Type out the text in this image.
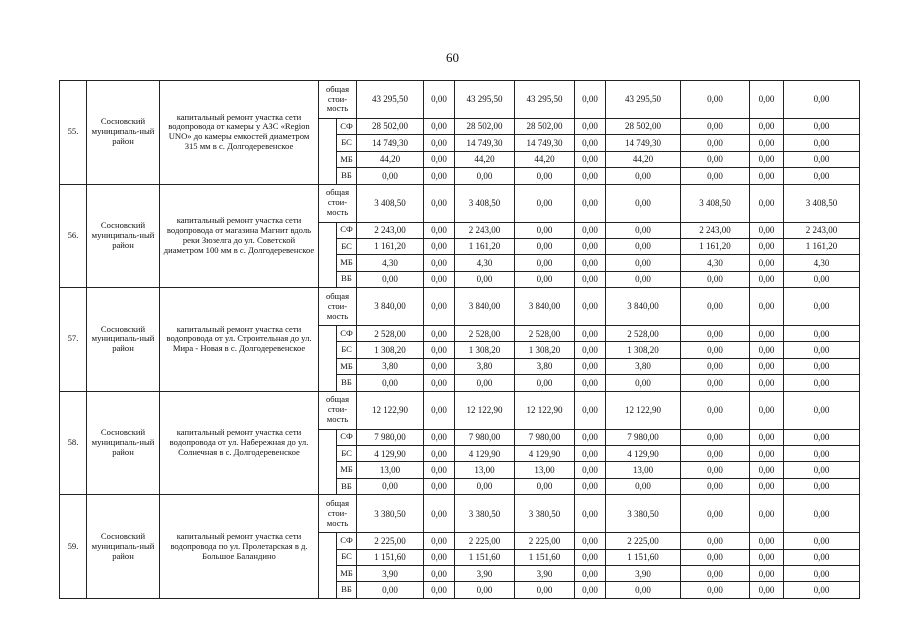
60
55.	Сосновский муниципаль-ный район	капитальный ремонт участка сети водопровода от камеры у АЗС «Region UNO» до камеры емкостей диаметром 315 мм в с. Долгодеревенское	общая стои-мость		43 295,50	0,00	43 295,50	43 295,50	0,00	43 295,50	0,00	0,00	0,00
	СФ	28 502,00	0,00	28 502,00	28 502,00	0,00	28 502,00	0,00	0,00	0,00
				БС	14 749,30	0,00	14 749,30	14 749,30	0,00	14 749,30	0,00	0,00	0,00
				МБ	44,20	0,00	44,20	44,20	0,00	44,20	0,00	0,00	0,00
				ВБ	0,00	0,00	0,00	0,00	0,00	0,00	0,00	0,00	0,00
56.	Сосновский муниципаль-ный район	капитальный ремонт участка сети водопровода от магазина Магнит вдоль реки Зюзелга до ул. Советской диаметром 100 мм в с. Долгодеревенское	общая стои-мость		3 408,50	0,00	3 408,50	0,00	0,00	0,00	3 408,50	0,00	3 408,50
	СФ	2 243,00	0,00	2 243,00	0,00	0,00	0,00	2 243,00	0,00	2 243,00
				БС	1 161,20	0,00	1 161,20	0,00	0,00	0,00	1 161,20	0,00	1 161,20
				МБ	4,30	0,00	4,30	0,00	0,00	0,00	4,30	0,00	4,30
				ВБ	0,00	0,00	0,00	0,00	0,00	0,00	0,00	0,00	0,00
57.	Сосновский муниципаль-ный район	капитальный ремонт участка сети водопровода от ул. Строительная до ул. Мира - Новая в с. Долгодеревенское	общая стои-мость		3 840,00	0,00	3 840,00	3 840,00	0,00	3 840,00	0,00	0,00	0,00
	СФ	2 528,00	0,00	2 528,00	2 528,00	0,00	2 528,00	0,00	0,00	0,00
				БС	1 308,20	0,00	1 308,20	1 308,20	0,00	1 308,20	0,00	0,00	0,00
				МБ	3,80	0,00	3,80	3,80	0,00	3,80	0,00	0,00	0,00
				ВБ	0,00	0,00	0,00	0,00	0,00	0,00	0,00	0,00	0,00
58.	Сосновский муниципаль-ный район	капитальный ремонт участка сети водопровода от ул. Набережная до ул. Солнечная в с. Долгодеревенское	общая стои-мость		12 122,90	0,00	12 122,90	12 122,90	0,00	12 122,90	0,00	0,00	0,00
	СФ	7 980,00	0,00	7 980,00	7 980,00	0,00	7 980,00	0,00	0,00	0,00
				БС	4 129,90	0,00	4 129,90	4 129,90	0,00	4 129,90	0,00	0,00	0,00
				МБ	13,00	0,00	13,00	13,00	0,00	13,00	0,00	0,00	0,00
				ВБ	0,00	0,00	0,00	0,00	0,00	0,00	0,00	0,00	0,00
59.	Сосновский муниципаль-ный район	капитальный ремонт участка сети водопровода по ул. Пролетарская в д. Большое Баландино	общая стои-мость		3 380,50	0,00	3 380,50	3 380,50	0,00	3 380,50	0,00	0,00	0,00
	СФ	2 225,00	0,00	2 225,00	2 225,00	0,00	2 225,00	0,00	0,00	0,00
				БС	1 151,60	0,00	1 151,60	1 151,60	0,00	1 151,60	0,00	0,00	0,00
				МБ	3,90	0,00	3,90	3,90	0,00	3,90	0,00	0,00	0,00
				ВБ	0,00	0,00	0,00	0,00	0,00	0,00	0,00	0,00	0,00
